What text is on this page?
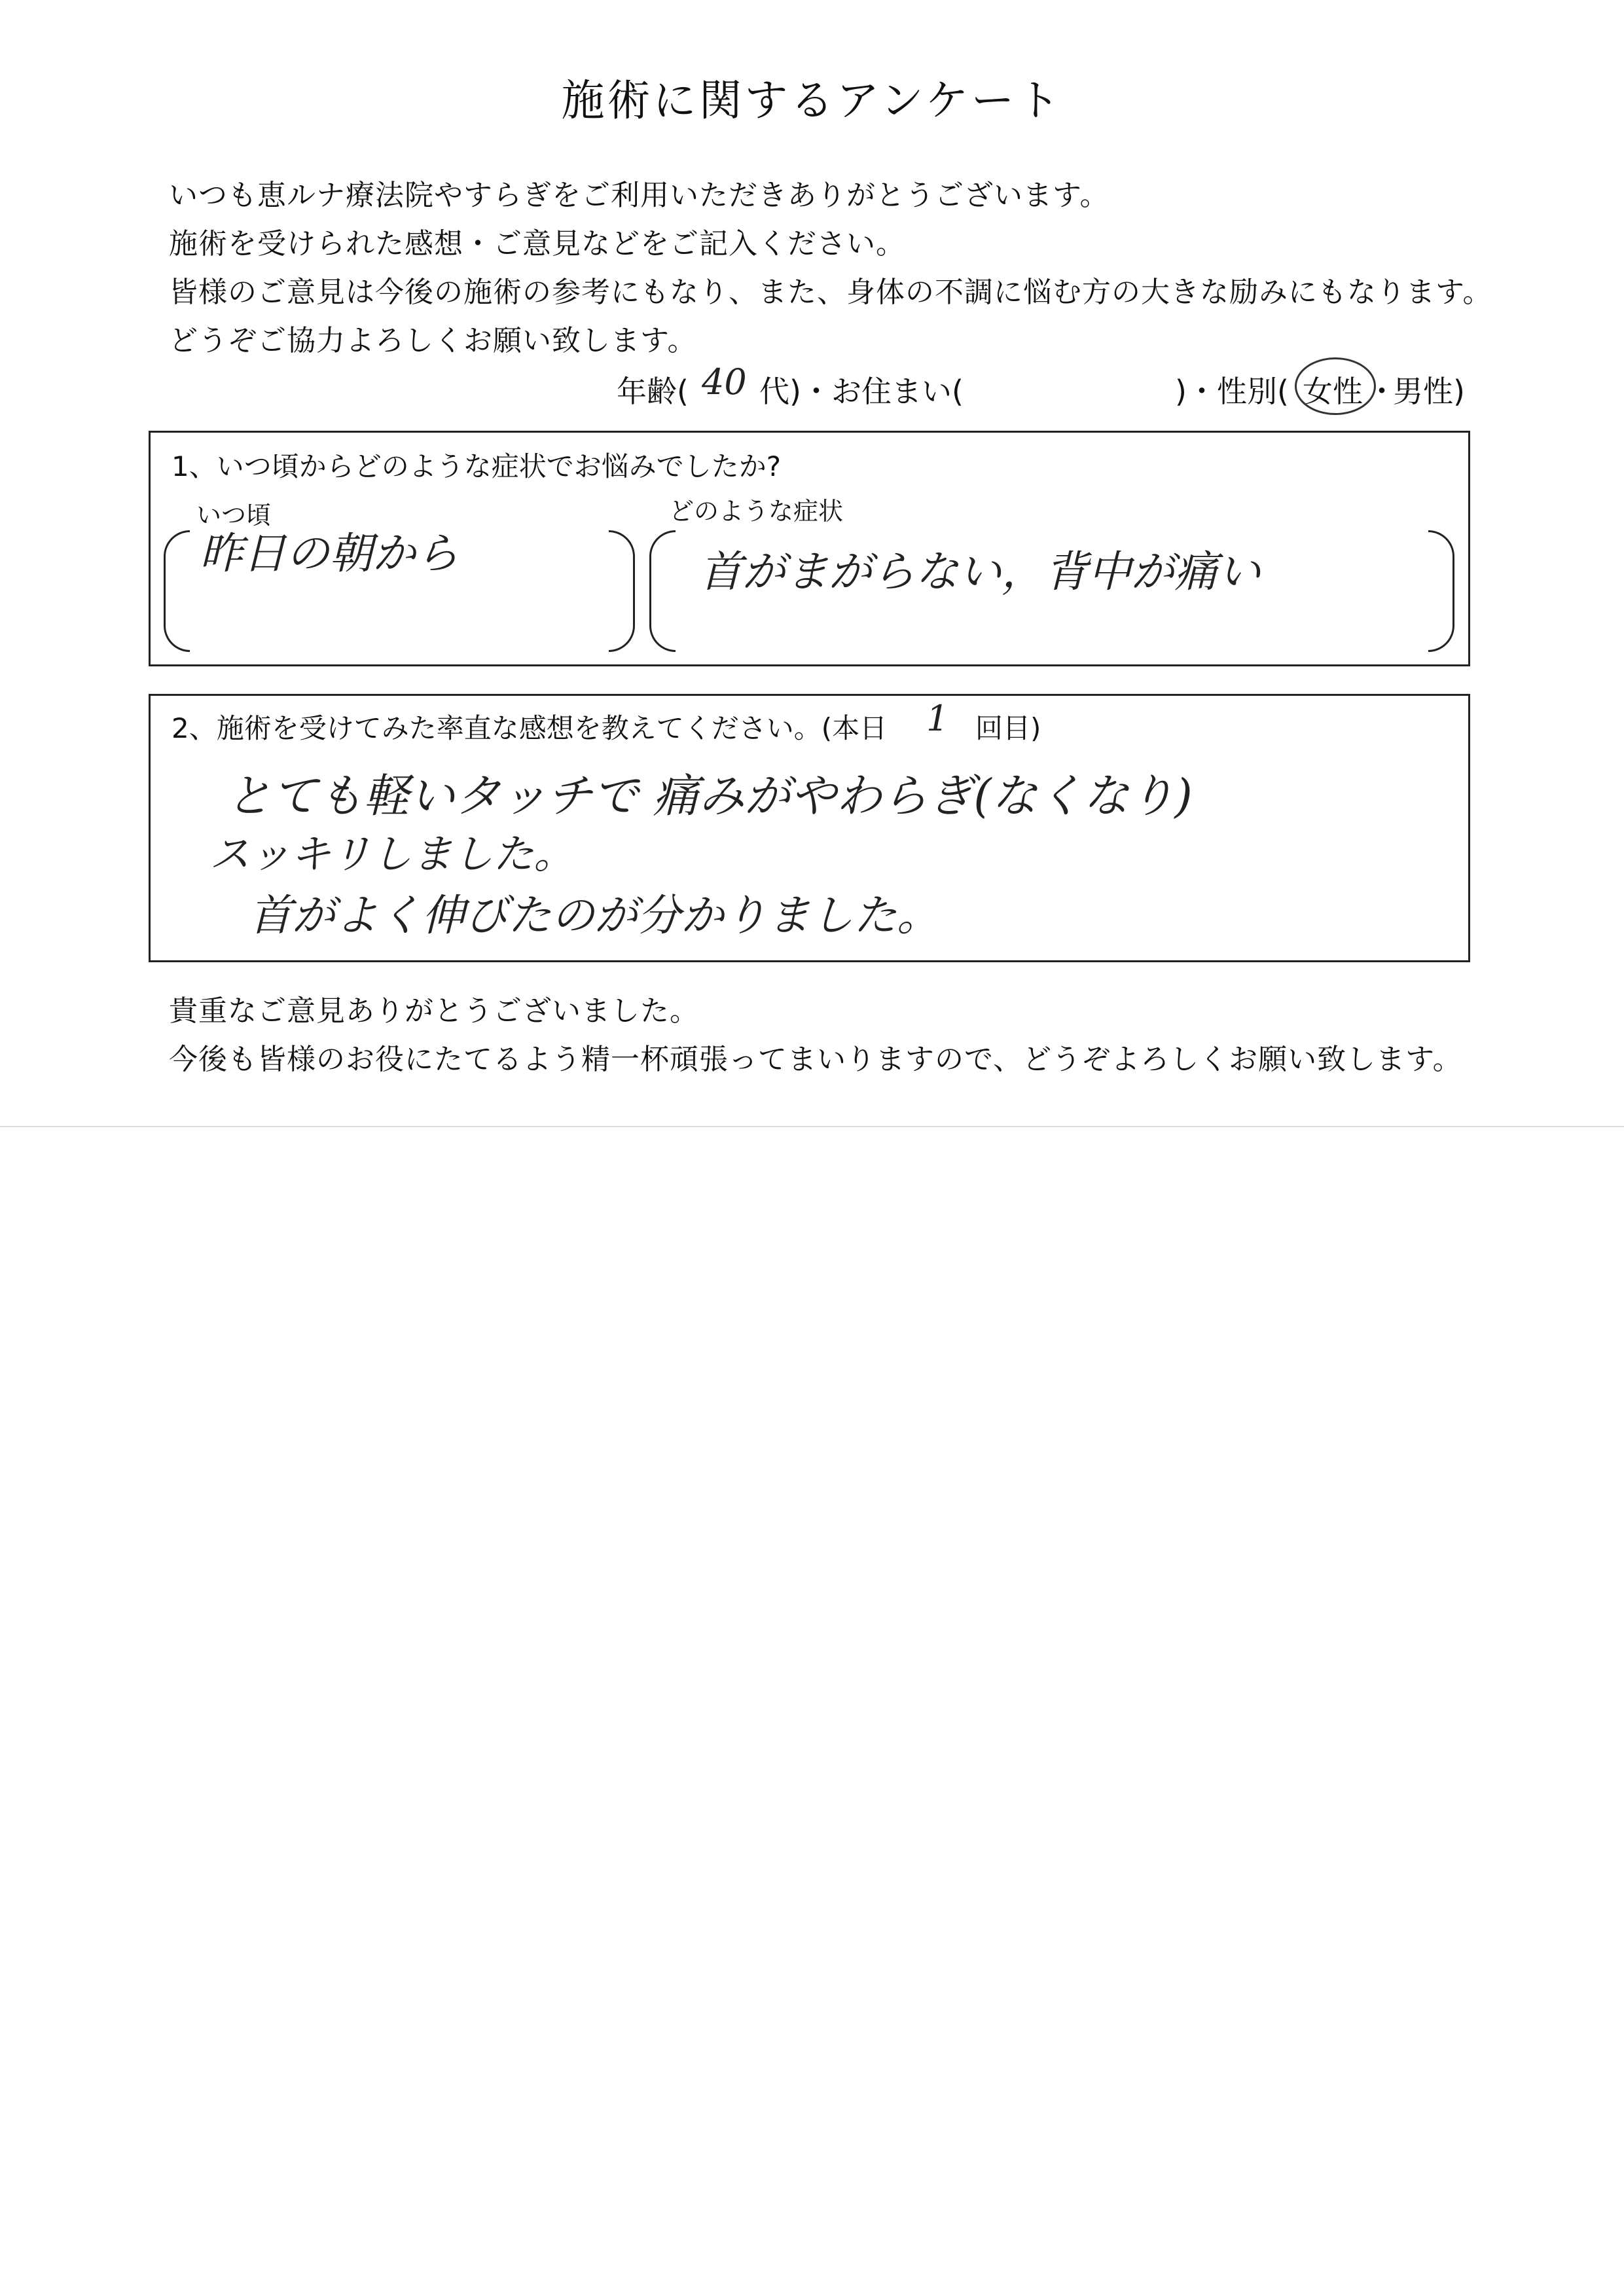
施術に関するアンケート
いつも恵ルナ療法院やすらぎをご利用いただきありがとうございます。
施術を受けられた感想・ご意見などをご記入ください。
皆様のご意見は今後の施術の参考にもなり、また、身体の不調に悩む方の大きな励みにもなります。
どうぞご協力よろしくお願い致します。
年齢( 40 代)・お住まい(	)・性別( 女性 ・
男性)
1、いつ頃からどのような症状でお悩みでしたか?
いつ頃
昨日の朝から
どのような症状
首がまがらない，背中が痛い
2、施術を受けてみた率直な感想を教えてください。(本日 1 回目)
とても軽いタッチで 痛みがやわらぎ(なくなり)
スッキリしました。
首がよく伸びたのが分かりました。
貴重なご意見ありがとうございました。
今後も皆様のお役にたてるよう精一杯頑張ってまいりますので、どうぞよろしくお願い致します。
